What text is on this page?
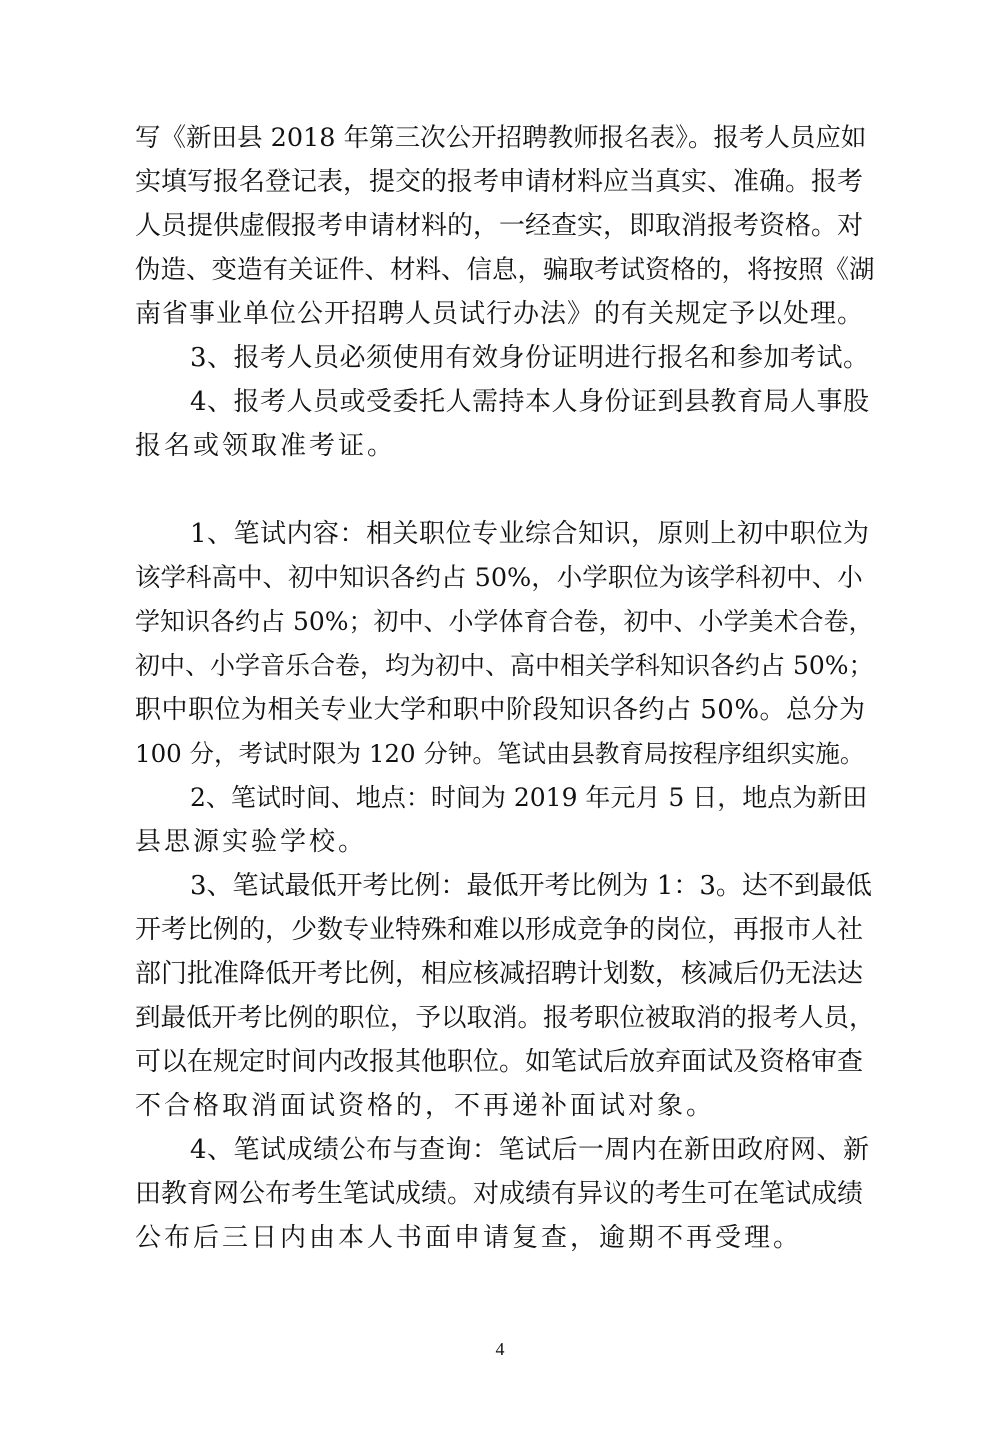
写《新田县 2018 年第三次公开招聘教师报名表》。报考人员应如
实填写报名登记表，提交的报考申请材料应当真实、准确。报考
人员提供虚假报考申请材料的，一经查实，即取消报考资格。对
伪造、变造有关证件、材料、信息，骗取考试资格的，将按照《湖
南省事业单位公开招聘人员试行办法》的有关规定予以处理。
3、报考人员必须使用有效身份证明进行报名和参加考试。
4、报考人员或受委托人需持本人身份证到县教育局人事股
报名或领取准考证。
1、笔试内容：相关职位专业综合知识，原则上初中职位为
该学科高中、初中知识各约占 50%，小学职位为该学科初中、小
学知识各约占 50%；初中、小学体育合卷，初中、小学美术合卷，
初中、小学音乐合卷，均为初中、高中相关学科知识各约占 50%；
职中职位为相关专业大学和职中阶段知识各约占 50%。总分为
100 分，考试时限为 120 分钟。笔试由县教育局按程序组织实施。
2、笔试时间、地点：时间为 2019 年元月 5 日，地点为新田
县思源实验学校。
3、笔试最低开考比例：最低开考比例为 1：3。达不到最低
开考比例的，少数专业特殊和难以形成竞争的岗位，再报市人社
部门批准降低开考比例，相应核减招聘计划数，核减后仍无法达
到最低开考比例的职位，予以取消。报考职位被取消的报考人员，
可以在规定时间内改报其他职位。如笔试后放弃面试及资格审查
不合格取消面试资格的，不再递补面试对象。
4、笔试成绩公布与查询：笔试后一周内在新田政府网、新
田教育网公布考生笔试成绩。对成绩有异议的考生可在笔试成绩
公布后三日内由本人书面申请复查，逾期不再受理。
4
